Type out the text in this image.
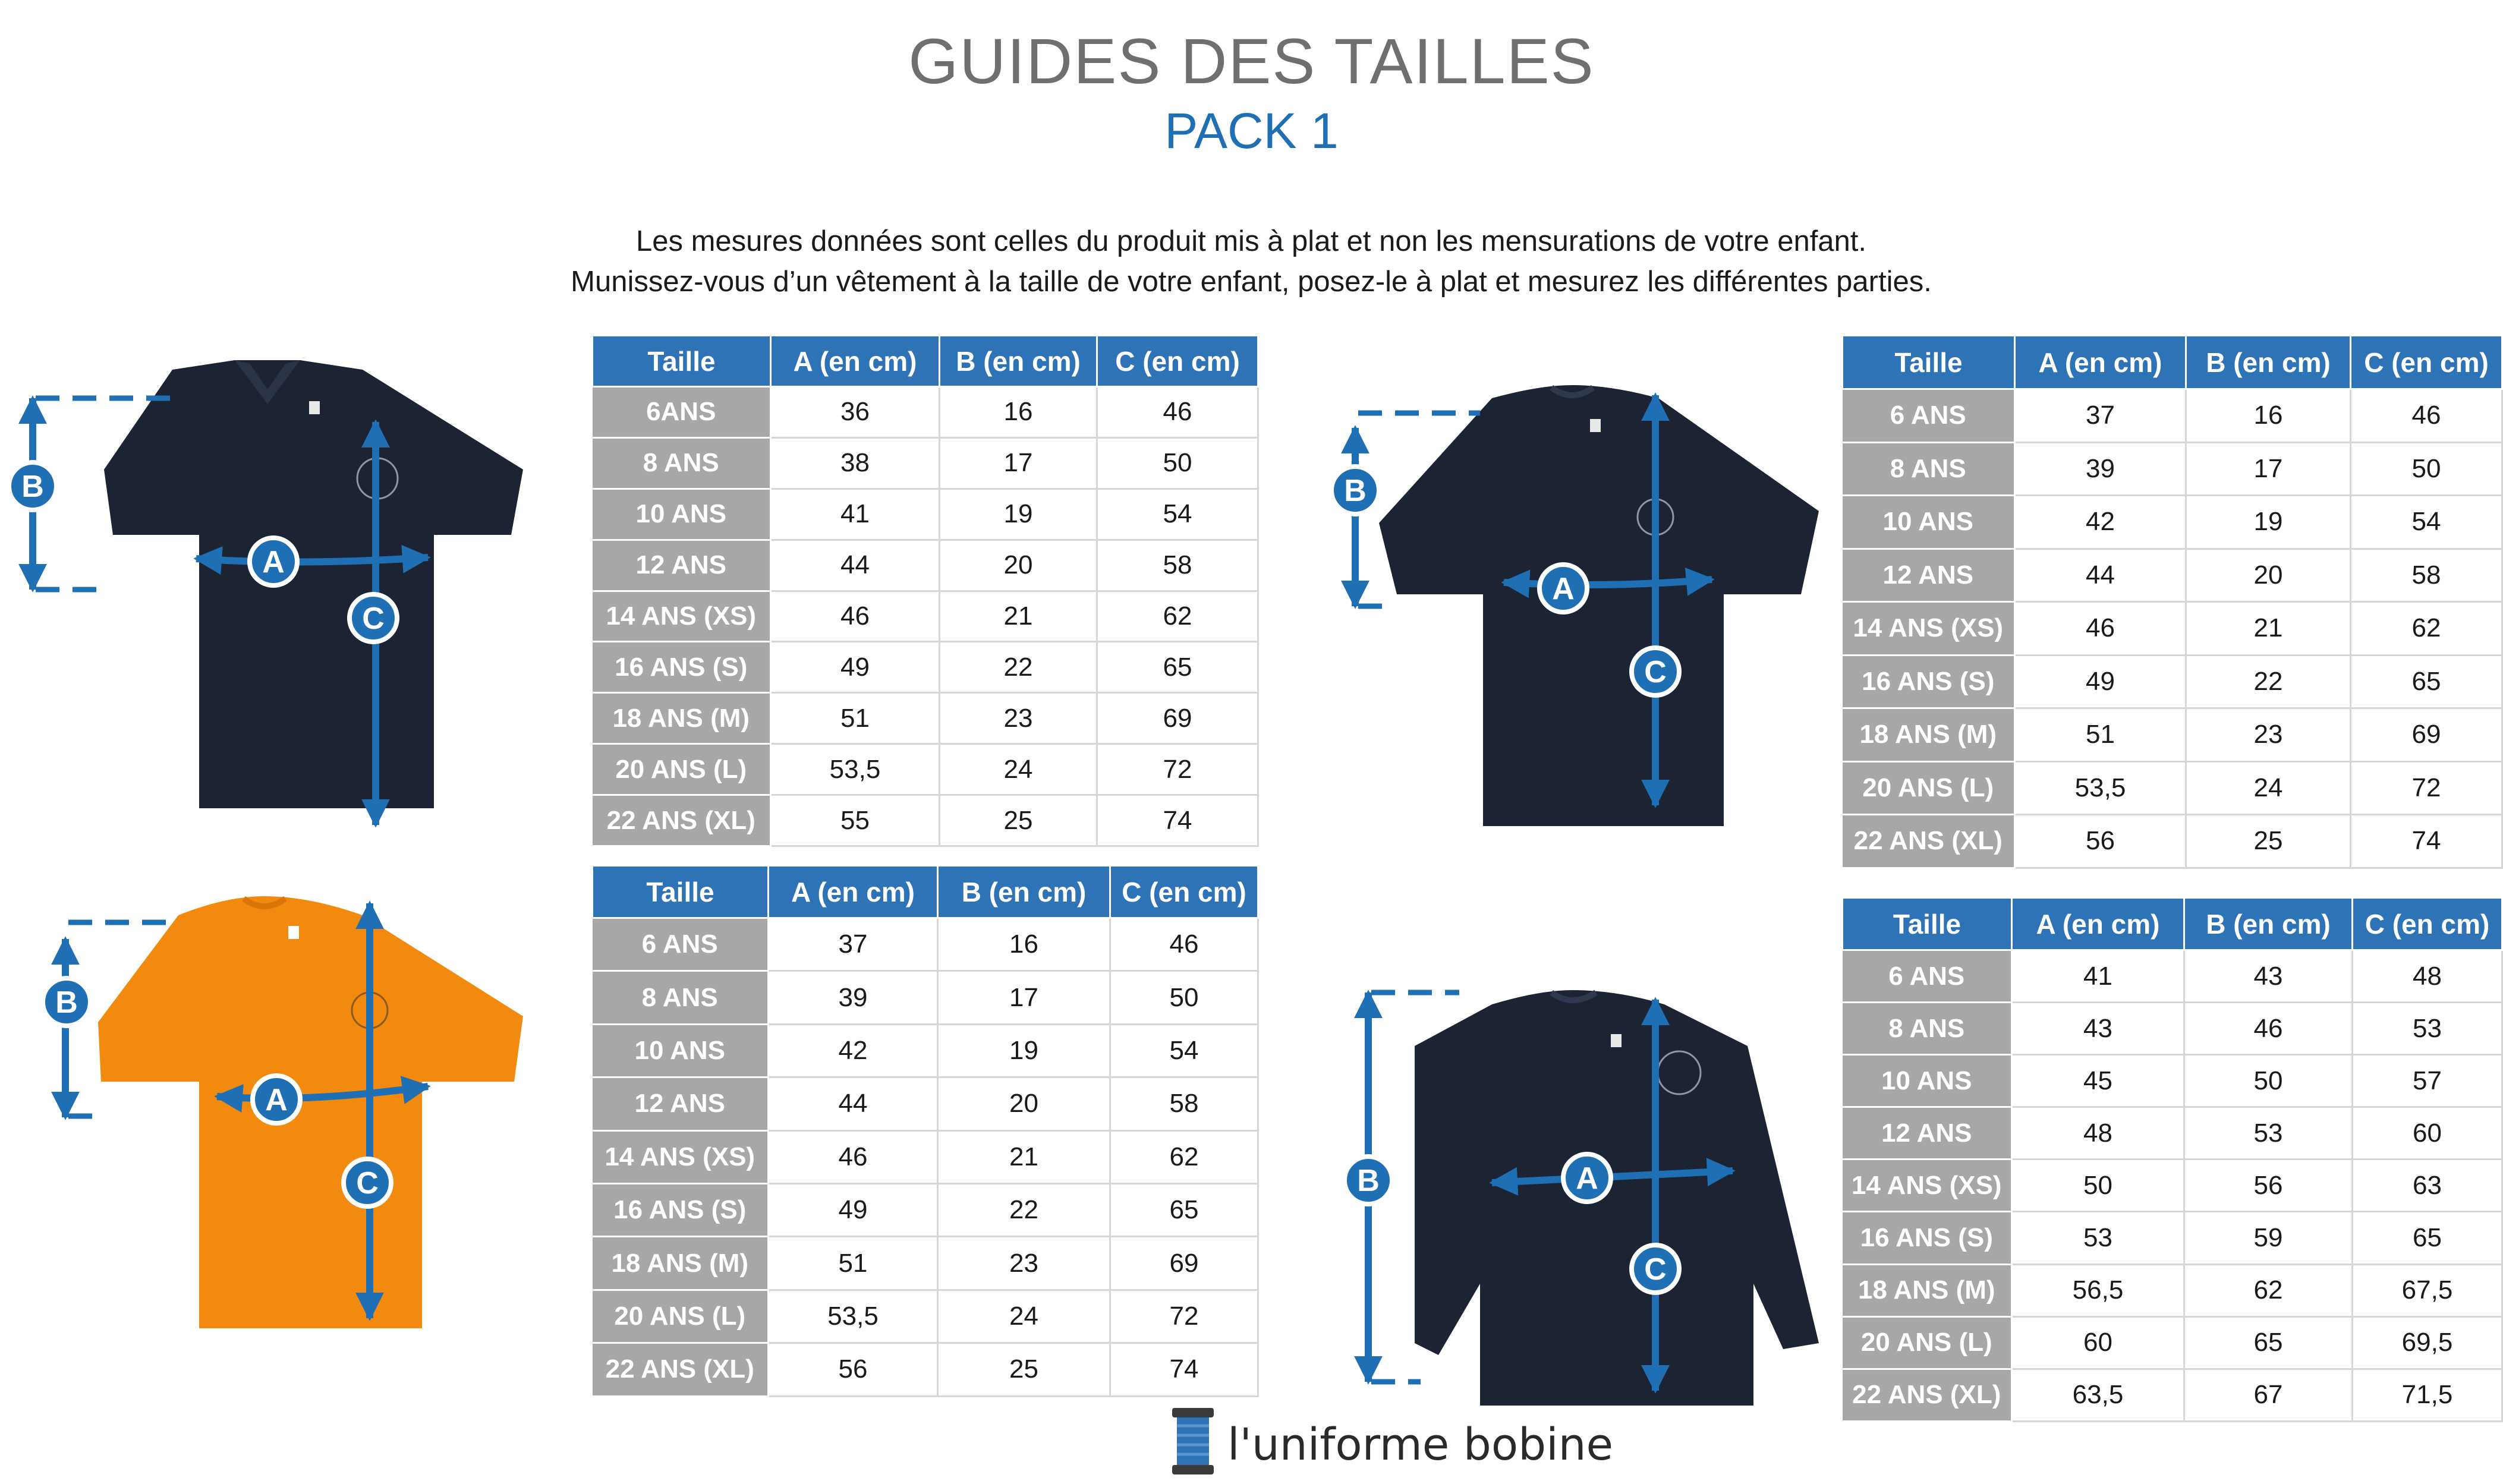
GUIDES DES TAILLES
PACK 1
Les mesures données sont celles du produit mis à plat et non les mensurations de votre enfant.
Munissez-vous d’un vêtement à la taille de votre enfant, posez-le à plat et mesurez les différentes parties.
B
A
C
B
A
C
B
A
C
B	A
C
Taille	A (en cm)	B (en cm)	C (en cm)
6ANS	36	16	46
8 ANS	38	17	50
10 ANS	41	19	54
12 ANS	44	20	58
14 ANS (XS)	46	21	62
16 ANS (S)	49	22	65
18 ANS (M)	51	23	69
20 ANS (L)	53,5	24	72
22 ANS (XL)	55	25	74
Taille	A (en cm)	B (en cm)	C (en cm)
6 ANS	37	16	46
8 ANS	39	17	50
10 ANS	42	19	54
12 ANS	44	20	58
14 ANS (XS)	46	21	62
16 ANS (S)	49	22	65
18 ANS (M)	51	23	69
20 ANS (L)	53,5	24	72
22 ANS (XL)	56	25	74
Taille	A (en cm)	B (en cm)	C (en cm)
6 ANS	37	16	46
8 ANS	39	17	50
10 ANS	42	19	54
12 ANS	44	20	58
14 ANS (XS)	46	21	62
16 ANS (S)	49	22	65
18 ANS (M)	51	23	69
20 ANS (L)	53,5	24	72
22 ANS (XL)	56	25	74
Taille	A (en cm)	B (en cm)	C (en cm)
6 ANS	41	43	48
8 ANS	43	46	53
10 ANS	45	50	57
12 ANS	48	53	60
14 ANS (XS)	50	56	63
16 ANS (S)	53	59	65
18 ANS (M)	56,5	62	67,5
20 ANS (L)	60	65	69,5
22 ANS (XL)	63,5	67	71,5
l'uniforme bobine
